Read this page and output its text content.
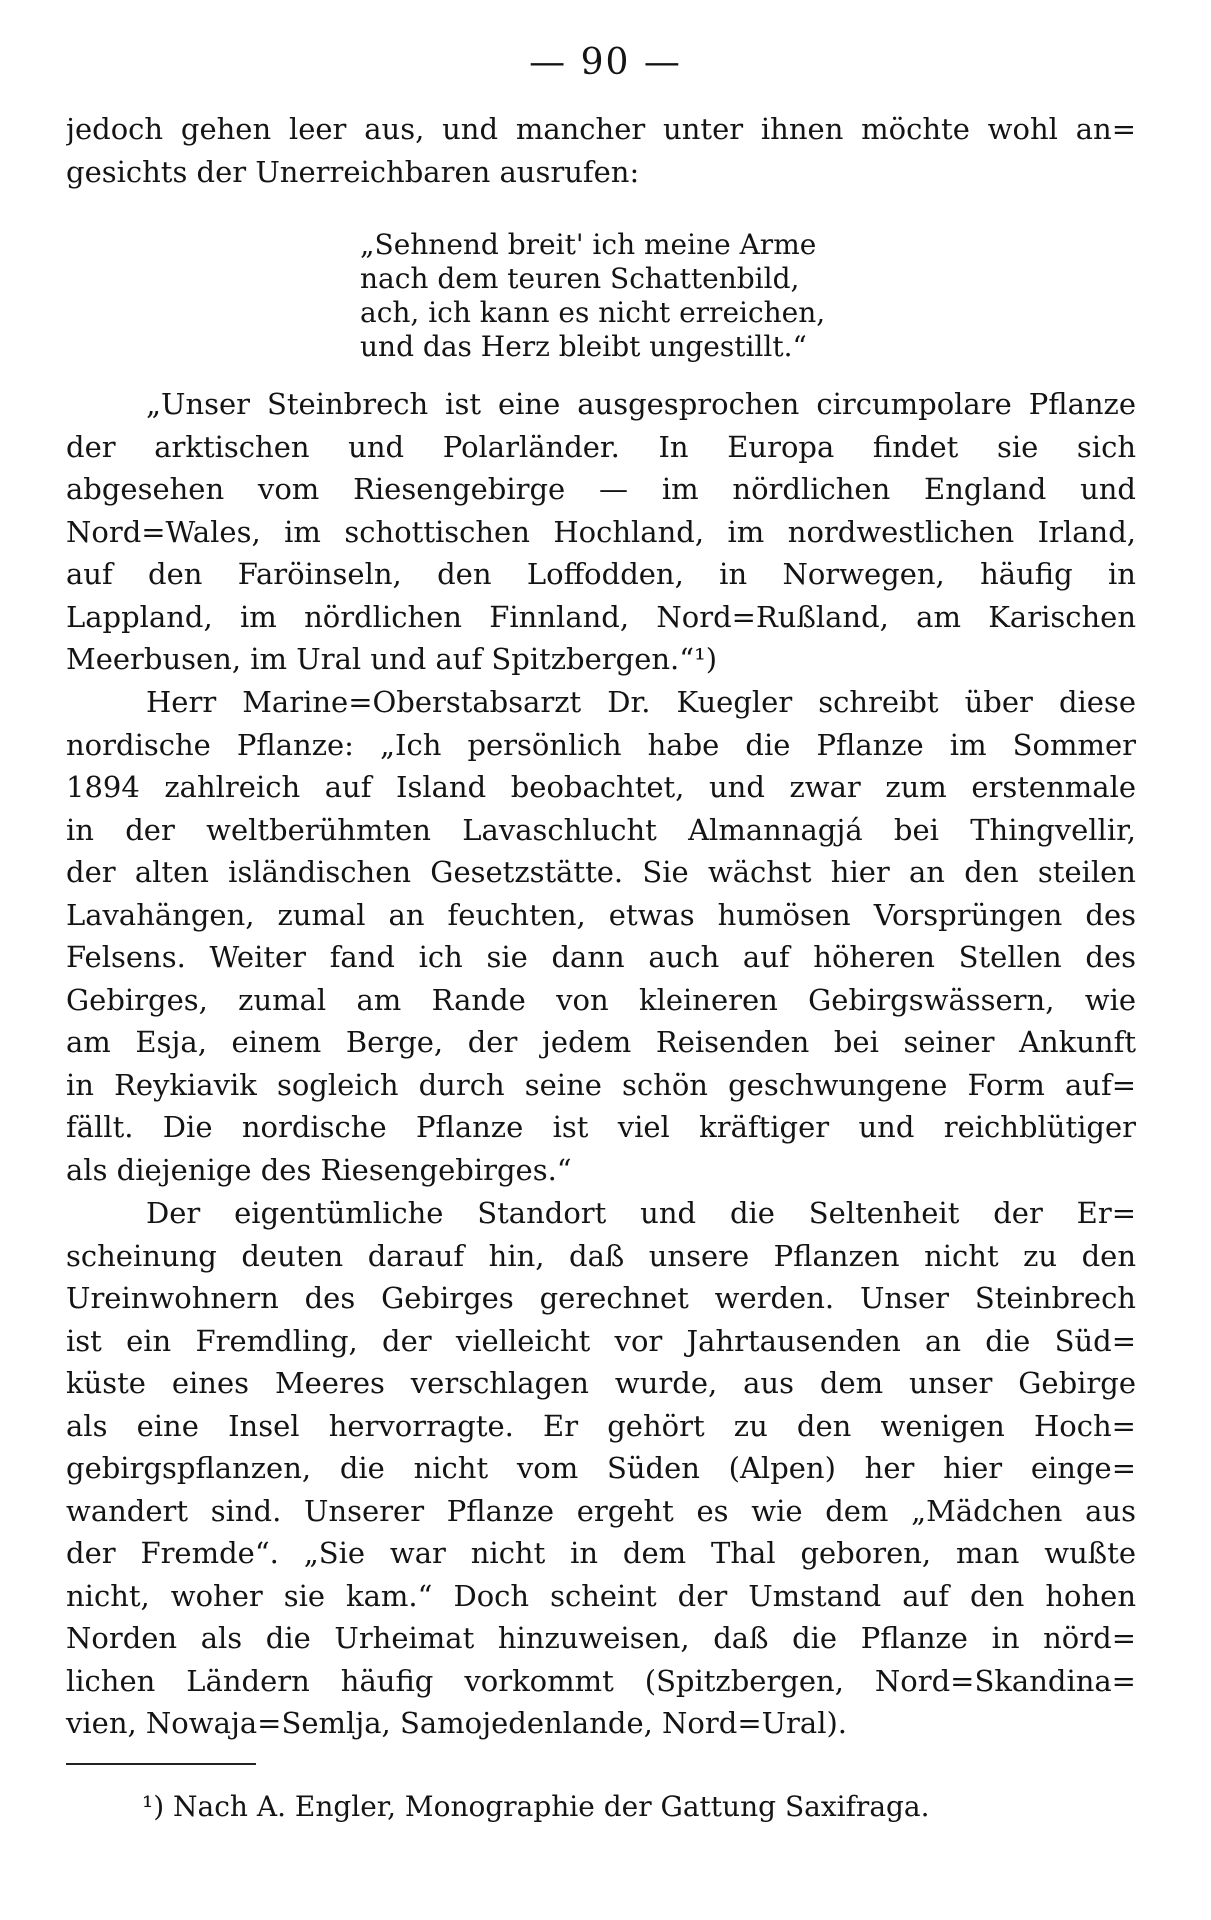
— 90 —
jedoch gehen leer aus, und mancher unter ihnen möchte wohl an=
gesichts der Unerreichbaren ausrufen:
„Sehnend breit' ich meine Arme
nach dem teuren Schattenbild,
ach, ich kann es nicht erreichen,
und das Herz bleibt ungestillt.“
„Unser Steinbrech ist eine ausgesprochen circumpolare Pflanze
der arktischen und Polarländer. In Europa findet sie sich
abgesehen vom Riesengebirge — im nördlichen England und
Nord=Wales, im schottischen Hochland, im nordwestlichen Irland,
auf den Faröinseln, den Loffodden, in Norwegen, häufig in
Lappland, im nördlichen Finnland, Nord=Rußland, am Karischen
Meerbusen, im Ural und auf Spitzbergen.“¹)
Herr Marine=Oberstabsarzt Dr. Kuegler schreibt über diese
nordische Pflanze: „Ich persönlich habe die Pflanze im Sommer
1894 zahlreich auf Island beobachtet, und zwar zum erstenmale
in der weltberühmten Lavaschlucht Almannagjá bei Thingvellir,
der alten isländischen Gesetzstätte. Sie wächst hier an den steilen
Lavahängen, zumal an feuchten, etwas humösen Vorsprüngen des
Felsens. Weiter fand ich sie dann auch auf höheren Stellen des
Gebirges, zumal am Rande von kleineren Gebirgswässern, wie
am Esja, einem Berge, der jedem Reisenden bei seiner Ankunft
in Reykiavik sogleich durch seine schön geschwungene Form auf=
fällt. Die nordische Pflanze ist viel kräftiger und reichblütiger
als diejenige des Riesengebirges.“
Der eigentümliche Standort und die Seltenheit der Er=
scheinung deuten darauf hin, daß unsere Pflanzen nicht zu den
Ureinwohnern des Gebirges gerechnet werden. Unser Steinbrech
ist ein Fremdling, der vielleicht vor Jahrtausenden an die Süd=
küste eines Meeres verschlagen wurde, aus dem unser Gebirge
als eine Insel hervorragte. Er gehört zu den wenigen Hoch=
gebirgspflanzen, die nicht vom Süden (Alpen) her hier einge=
wandert sind. Unserer Pflanze ergeht es wie dem „Mädchen aus
der Fremde“. „Sie war nicht in dem Thal geboren, man wußte
nicht, woher sie kam.“ Doch scheint der Umstand auf den hohen
Norden als die Urheimat hinzuweisen, daß die Pflanze in nörd=
lichen Ländern häufig vorkommt (Spitzbergen, Nord=Skandina=
vien, Nowaja=Semlja, Samojedenlande, Nord=Ural).
¹) Nach A. Engler, Monographie der Gattung Saxifraga.
